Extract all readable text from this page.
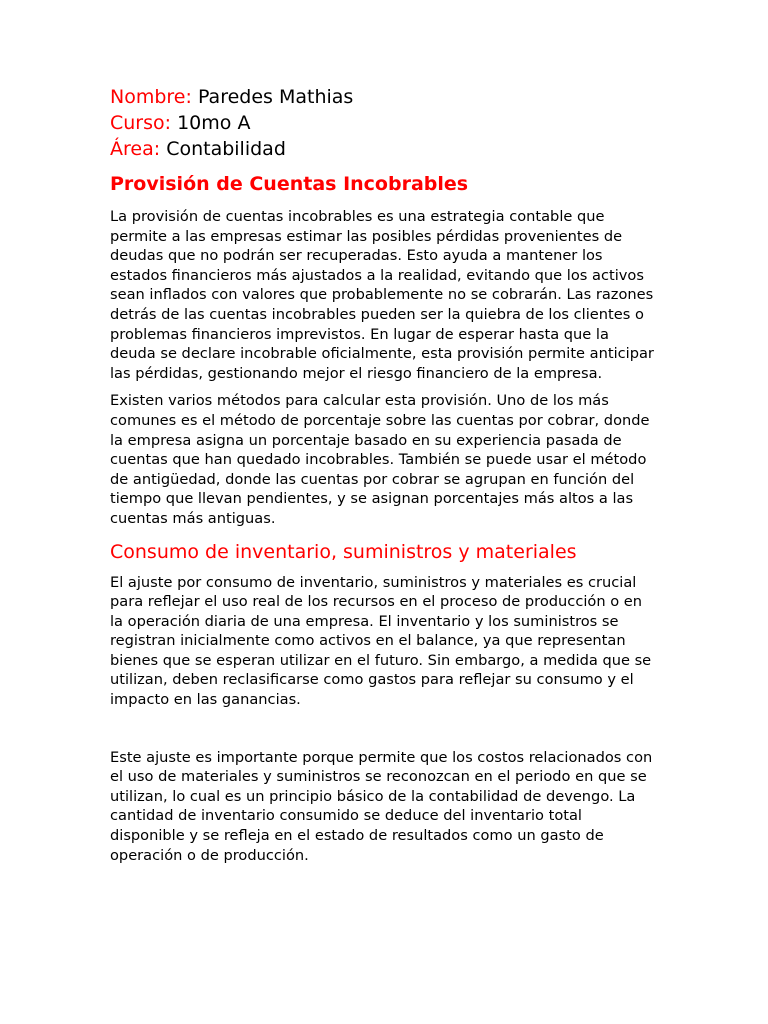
Nombre: Paredes Mathias

Curso: 10mo A

Área: Contabilidad

Provisión de Cuentas Incobrables

La provisión de cuentas incobrables es una estrategia contable que permite a las empresas estimar las posibles pérdidas provenientes de deudas que no podrán ser recuperadas. Esto ayuda a mantener los estados financieros más ajustados a la realidad, evitando que los activos sean inflados con valores que probablemente no se cobrarán. Las razones detrás de las cuentas incobrables pueden ser la quiebra de los clientes o problemas financieros imprevistos. En lugar de esperar hasta que la deuda se declare incobrable oficialmente, esta provisión permite anticipar las pérdidas, gestionando mejor el riesgo financiero de la empresa.

Existen varios métodos para calcular esta provisión. Uno de los más comunes es el método de porcentaje sobre las cuentas por cobrar, donde la empresa asigna un porcentaje basado en su experiencia pasada de cuentas que han quedado incobrables. También se puede usar el método de antigüedad, donde las cuentas por cobrar se agrupan en función del tiempo que llevan pendientes, y se asignan porcentajes más altos a las cuentas más antiguas.

Consumo de inventario, suministros y materiales

El ajuste por consumo de inventario, suministros y materiales es crucial para reflejar el uso real de los recursos en el proceso de producción o en la operación diaria de una empresa. El inventario y los suministros se registran inicialmente como activos en el balance, ya que representan bienes que se esperan utilizar en el futuro. Sin embargo, a medida que se utilizan, deben reclasificarse como gastos para reflejar su consumo y el impacto en las ganancias.

Este ajuste es importante porque permite que los costos relacionados con el uso de materiales y suministros se reconozcan en el periodo en que se utilizan, lo cual es un principio básico de la contabilidad de devengo. La cantidad de inventario consumido se deduce del inventario total disponible y se refleja en el estado de resultados como un gasto de operación o de producción.
